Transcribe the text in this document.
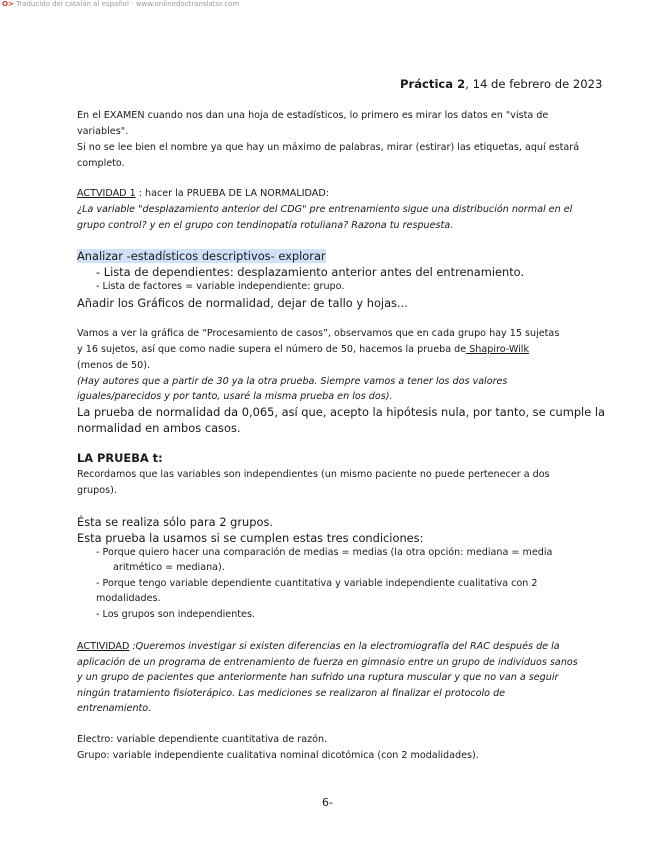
O> Traducido del catalán al español - www.onlinedoctranslator.com
Práctica 2, 14 de febrero de 2023
En el EXAMEN cuando nos dan una hoja de estadísticos, lo primero es mirar los datos en "vista de
variables".
Si no se lee bien el nombre ya que hay un máximo de palabras, mirar (estirar) las etiquetas, aquí estará
completo.
ACTVIDAD 1 : hacer la PRUEBA DE LA NORMALIDAD:
¿La variable "desplazamiento anterior del CDG" pre entrenamiento sigue una distribución normal en el
grupo control? y en el grupo con tendinopatía rotuliana? Razona tu respuesta.
Analizar -estadísticos descriptivos- explorar
- Lista de dependientes: desplazamiento anterior antes del entrenamiento.
- Lista de factores = variable independiente: grupo.
Añadir los Gráficos de normalidad, dejar de tallo y hojas...
Vamos a ver la gráfica de “Procesamiento de casos”, observamos que en cada grupo hay 15 sujetas
y 16 sujetos, así que como nadie supera el número de 50, hacemos la prueba de Shapiro-Wilk
(menos de 50).
(Hay autores que a partir de 30 ya la otra prueba. Siempre vamos a tener los dos valores
iguales/parecidos y por tanto, usaré la misma prueba en los dos).
La prueba de normalidad da 0,065, así que, acepto la hipótesis nula, por tanto, se cumple la
normalidad en ambos casos.
LA PRUEBA t:
Recordamos que las variables son independientes (un mismo paciente no puede pertenecer a dos
grupos).
Ésta se realiza sólo para 2 grupos.
Esta prueba la usamos si se cumplen estas tres condiciones:
- Porque quiero hacer una comparación de medias = medias (la otra opción: mediana = media
aritmético = mediana).
- Porque tengo variable dependiente cuantitativa y variable independiente cualitativa con 2
modalidades.
- Los grupos son independientes.
ACTIVIDAD :Queremos investigar si existen diferencias en la electromiografía del RAC después de la
aplicación de un programa de entrenamiento de fuerza en gimnasio entre un grupo de individuos sanos
y un grupo de pacientes que anteriormente han sufrido una ruptura muscular y que no van a seguir
ningún tratamiento fisioterápico. Las mediciones se realizaron al finalizar el protocolo de
entrenamiento.
Electro: variable dependiente cuantitativa de razón.
Grupo: variable independiente cualitativa nominal dicotómica (con 2 modalidades).
6-
